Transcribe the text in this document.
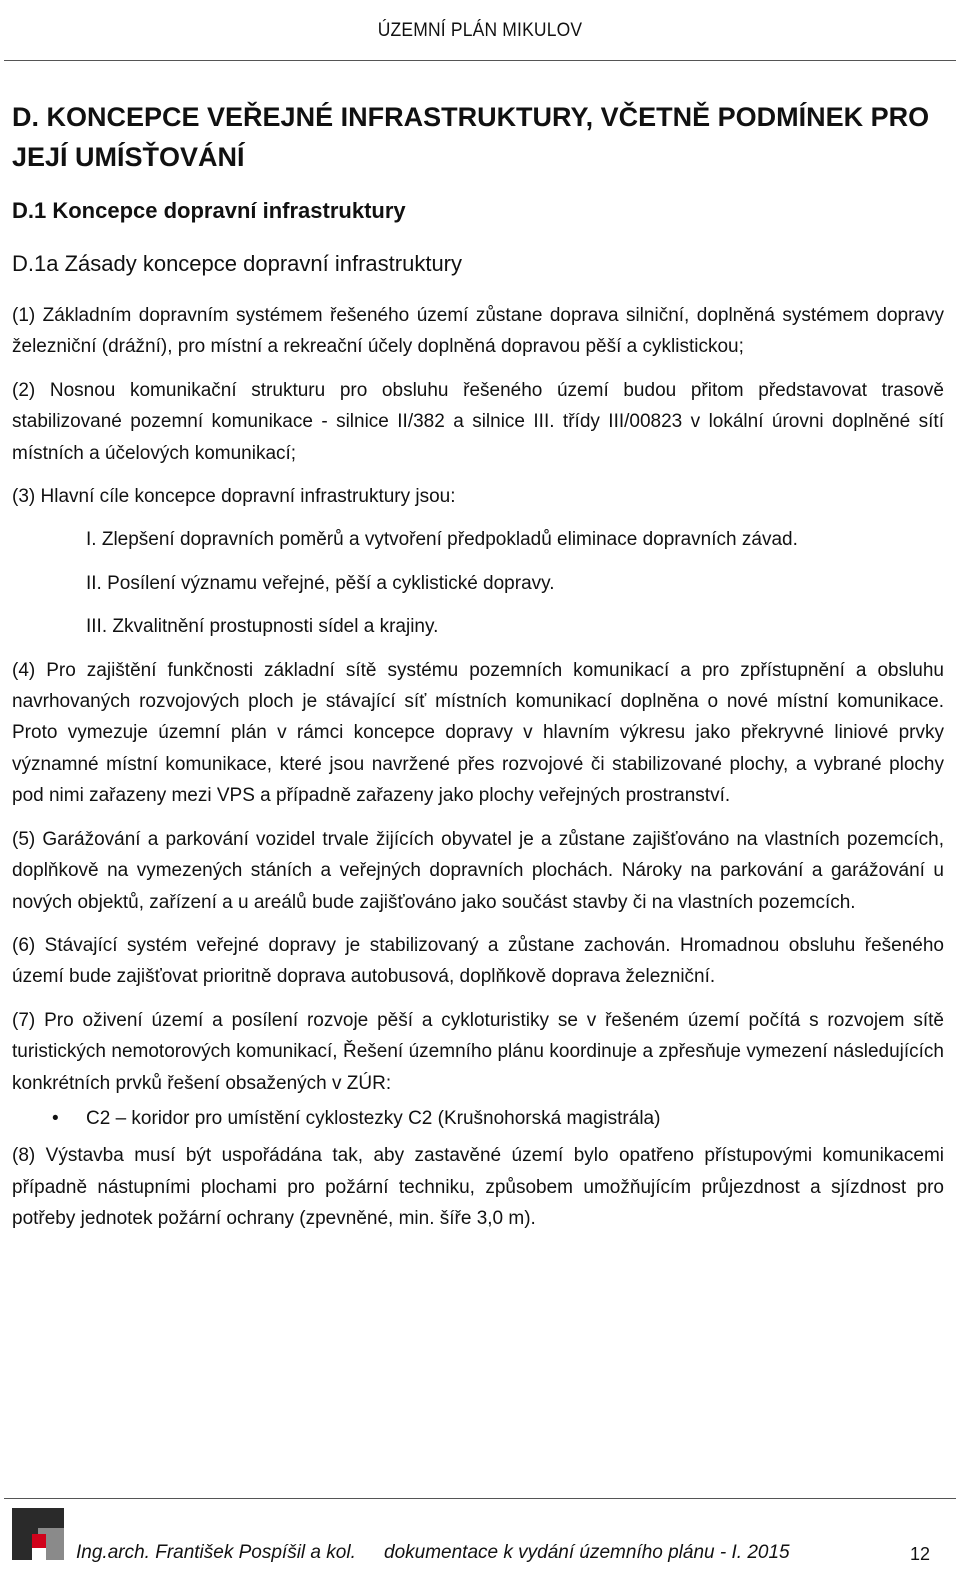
ÚZEMNÍ PLÁN MIKULOV
D. KONCEPCE VEŘEJNÉ INFRASTRUKTURY, VČETNĚ PODMÍNEK PRO JEJÍ UMÍSŤOVÁNÍ
D.1 Koncepce dopravní infrastruktury
D.1a Zásady koncepce dopravní infrastruktury

(1) Základním dopravním systémem řešeného území zůstane doprava silniční, doplněná systémem dopravy železniční (drážní), pro místní a rekreační účely doplněná dopravou pěší a cyklistickou;

(2) Nosnou komunikační strukturu pro obsluhu řešeného území budou přitom představovat trasově stabilizované pozemní komunikace - silnice II/382 a silnice III. třídy III/00823 v lokální úrovni doplněné sítí místních a účelových komunikací;

(3) Hlavní cíle koncepce dopravní infrastruktury jsou:

I. Zlepšení dopravních poměrů a vytvoření předpokladů eliminace dopravních závad.
II. Posílení významu veřejné, pěší a cyklistické dopravy.
III. Zkvalitnění prostupnosti sídel a krajiny.

(4) Pro zajištění funkčnosti základní sítě systému pozemních komunikací a pro zpřístupnění a obsluhu navrhovaných rozvojových ploch je stávající síť místních komunikací doplněna o nové místní komunikace. Proto vymezuje územní plán v rámci koncepce dopravy v hlavním výkresu jako překryvné liniové prvky významné místní komunikace, které jsou navržené přes rozvojové či stabilizované plochy, a vybrané plochy pod nimi zařazeny mezi VPS a případně zařazeny jako plochy veřejných prostranství.

(5) Garážování a parkování vozidel trvale žijících obyvatel je a zůstane zajišťováno na vlastních pozemcích, doplňkově na vymezených stáních a veřejných dopravních plochách. Nároky na parkování a garážování u nových objektů, zařízení a u areálů bude zajišťováno jako součást stavby či na vlastních pozemcích.

(6) Stávající systém veřejné dopravy je stabilizovaný a zůstane zachován. Hromadnou obsluhu řešeného území bude zajišťovat prioritně doprava autobusová, doplňkově doprava železniční.

(7) Pro oživení území a posílení rozvoje pěší a cykloturistiky se v řešeném území počítá s rozvojem sítě turistických nemotorových komunikací, Řešení územního plánu koordinuje a zpřesňuje vymezení následujících konkrétních prvků řešení obsažených v ZÚR:

•	C2 – koridor pro umístění cyklostezky C2 (Krušnohorská magistrála)

(8) Výstavba musí být uspořádána tak, aby zastavěné území bylo opatřeno přístupovými komunikacemi případně nástupními plochami pro požární techniku, způsobem umožňujícím průjezdnost a sjízdnost pro potřeby jednotek požární ochrany (zpevněné, min. šíře 3,0 m).

Ing.arch. František Pospíšil a kol. dokumentace k vydání územního plánu - I. 2015	12
